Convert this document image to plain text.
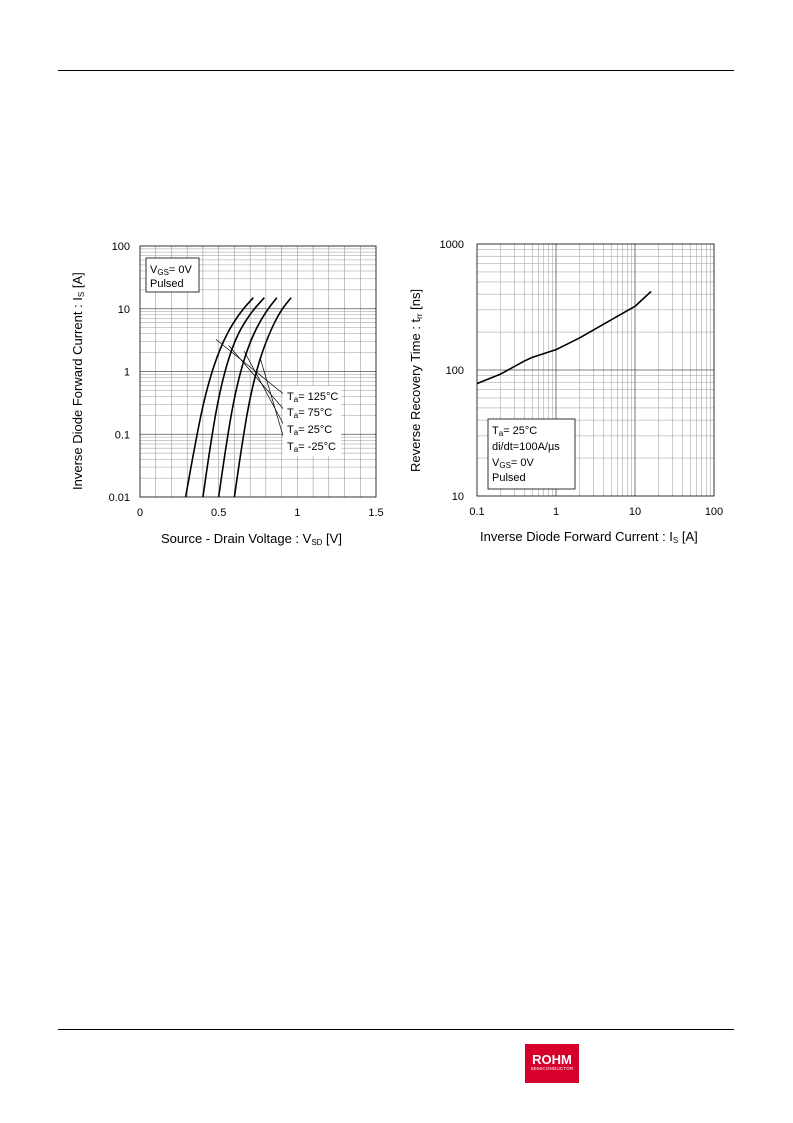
0	0.5	1	1.5
0.01
0.1
1
10
100
VGS= 0V
Pulsed
Ta= 125°C
Ta= 75°C
Ta= 25°C
Ta= -25°C
Source - Drain Voltage : VSD [V]
Inverse Diode Forward Current : IS [A]
0.1	1	10	100
10
100
1000
Ta= 25°C
di/dt=100A/µs
VGS= 0V
Pulsed
Inverse Diode Forward Current : IS [A]
Reverse Recovery Time : trr [ns]
ROHM
SEMICONDUCTOR
